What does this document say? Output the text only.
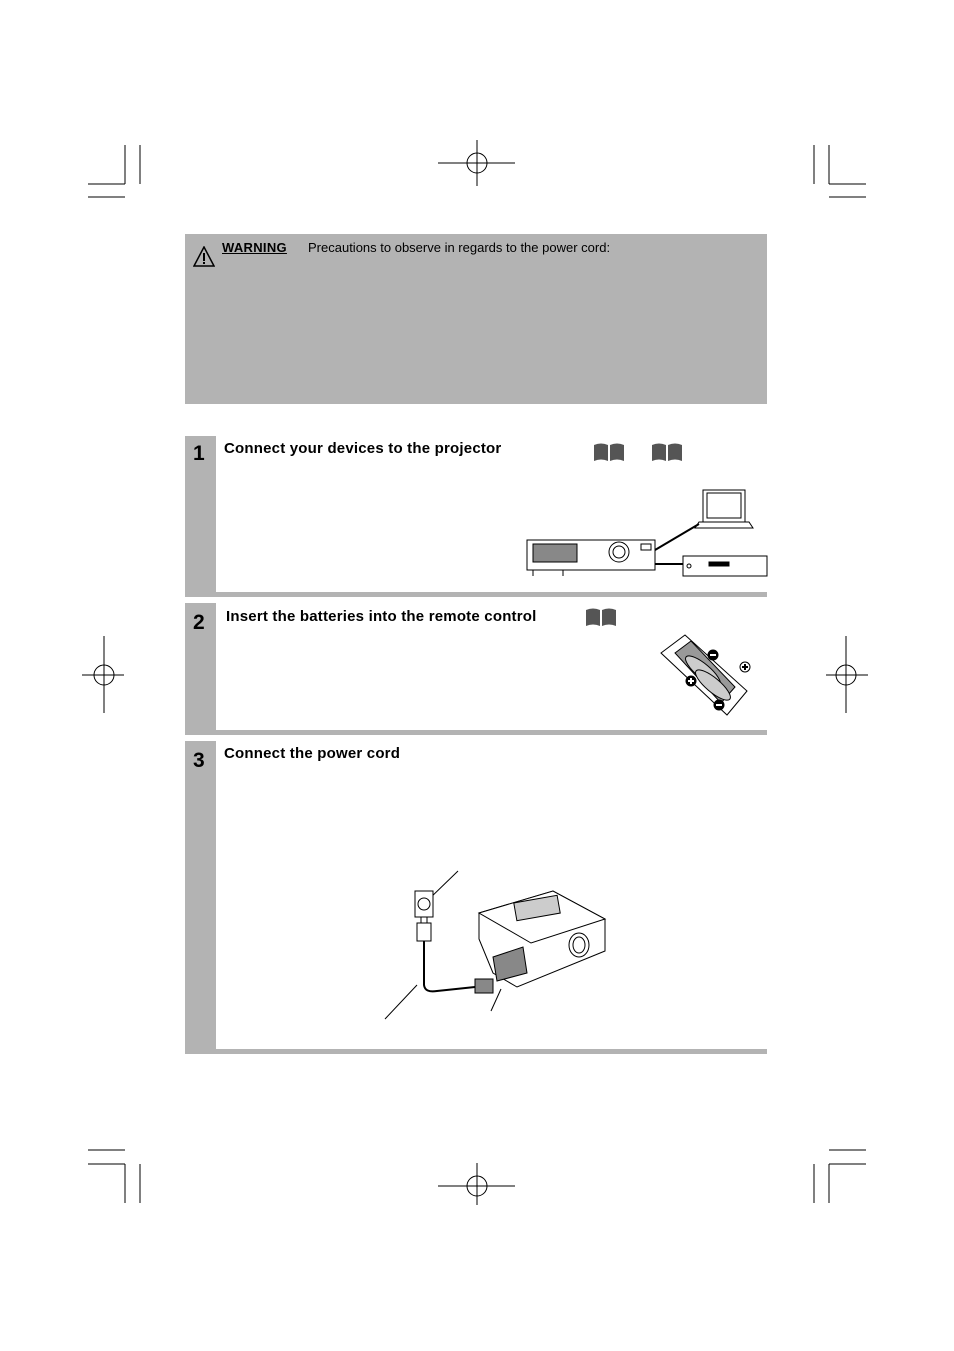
WARNING Precautions to observe in regards to the power cord:
1 Connect your devices to the projector
2 Insert the batteries into the remote control
3 Connect the power cord
